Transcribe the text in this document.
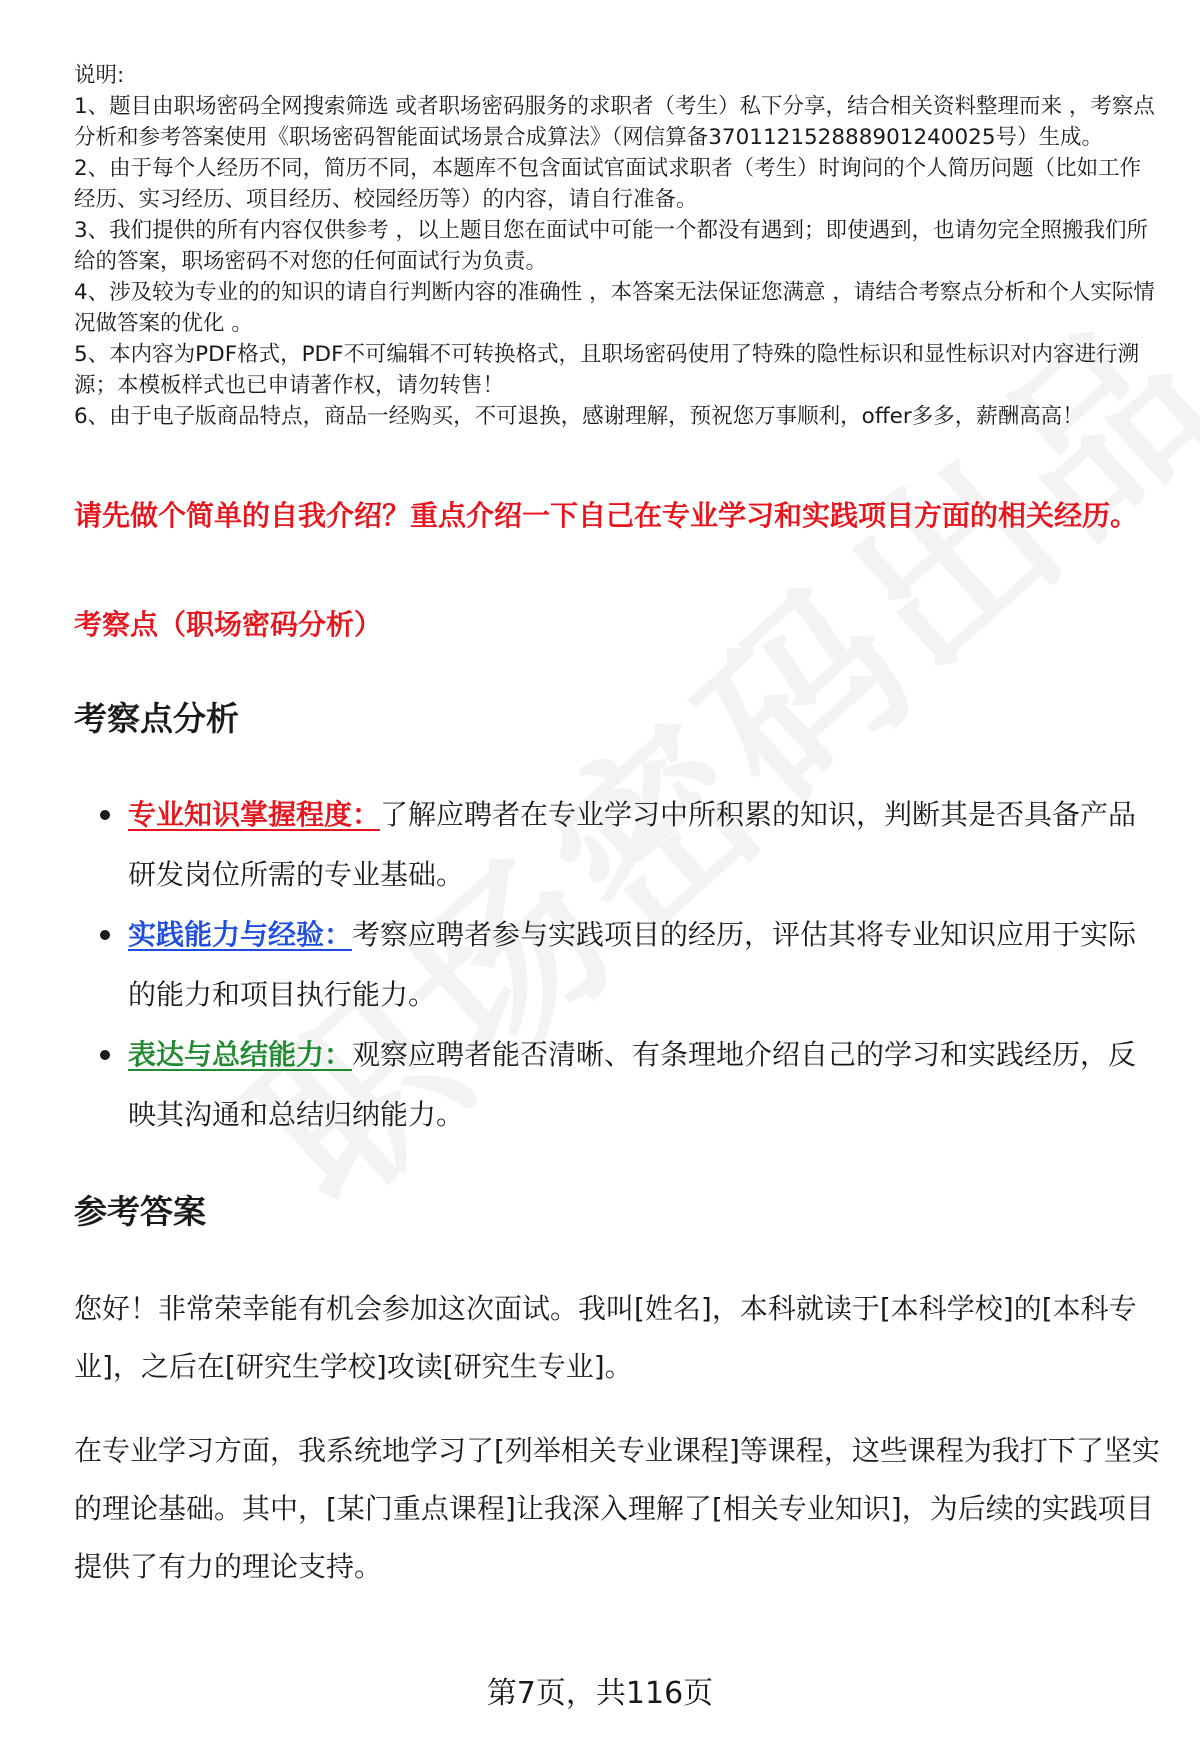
说明:

1、题目由职场密码全网搜索筛选 或者职场密码服务的求职者（考生）私下分享，结合相关资料整理而来 ，考察点分析和参考答案使用《职场密码智能面试场景合成算法》（网信算备370112152888901240025号）生成。

2、由于每个人经历不同，简历不同，本题库不包含面试官面试求职者（考生）时询问的个人简历问题（比如工作经历、实习经历、项目经历、校园经历等）的内容，请自行准备。

3、我们提供的所有内容仅供参考 ，以上题目您在面试中可能一个都没有遇到；即使遇到，也请勿完全照搬我们所给的答案，职场密码不对您的任何面试行为负责。

4、涉及较为专业的的知识的请自行判断内容的准确性 ，本答案无法保证您满意 ，请结合考察点分析和个人实际情况做答案的优化 。

5、本内容为PDF格式，PDF不可编辑不可转换格式，且职场密码使用了特殊的隐性标识和显性标识对内容进行溯源；本模板样式也已申请著作权，请勿转售！

6、由于电子版商品特点，商品一经购买，不可退换，感谢理解，预祝您万事顺利，offer多多，薪酬高高！

请先做个简单的自我介绍？重点介绍一下自己在专业学习和实践项目方面的相关经历。

考察点（职场密码分析）

考察点分析
专业知识掌握程度：了解应聘者在专业学习中所积累的知识，判断其是否具备产品研发岗位所需的专业基础。
实践能力与经验：考察应聘者参与实践项目的经历，评估其将专业知识应用于实际的能力和项目执行能力。
表达与总结能力：观察应聘者能否清晰、有条理地介绍自己的学习和实践经历，反映其沟通和总结归纳能力。
参考答案

您好！非常荣幸能有机会参加这次面试。我叫[姓名]，本科就读于[本科学校]的[本科专业]，之后在[研究生学校]攻读[研究生专业]。

在专业学习方面，我系统地学习了[列举相关专业课程]等课程，这些课程为我打下了坚实的理论基础。其中，[某门重点课程]让我深入理解了[相关专业知识]，为后续的实践项目提供了有力的理论支持。

第7页，共116页
